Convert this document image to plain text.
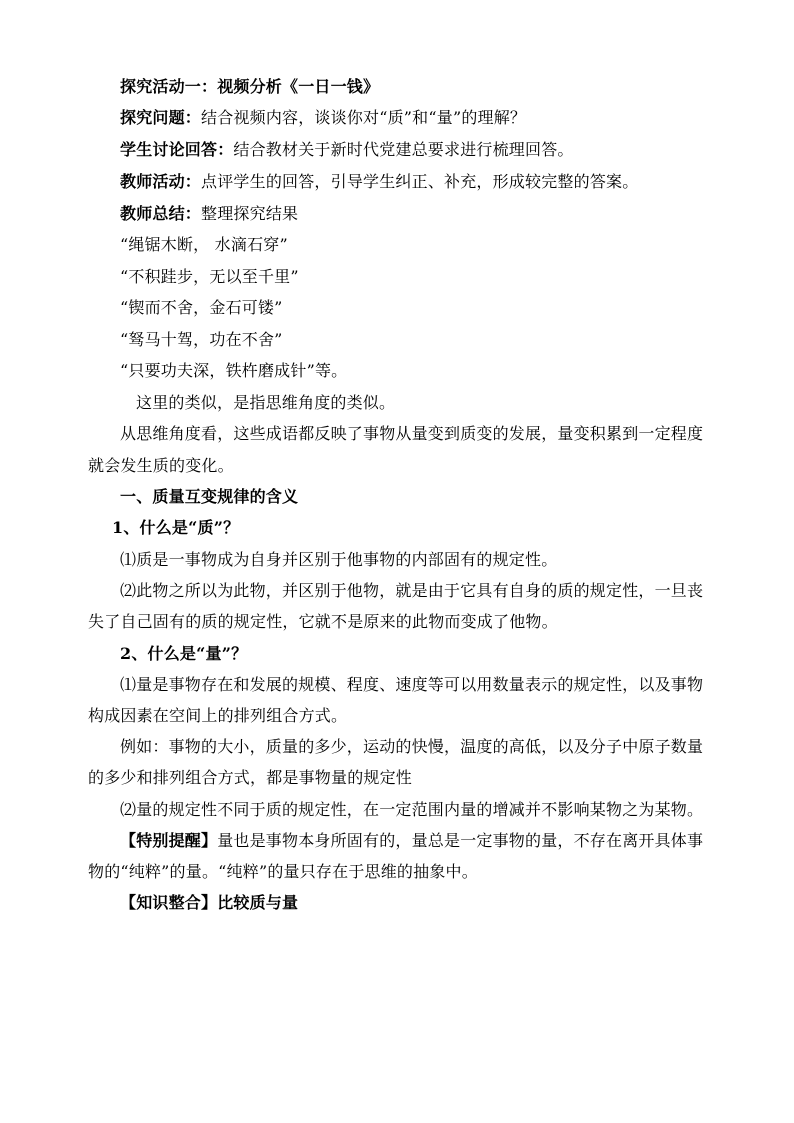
探究活动一：视频分析《一日一钱》
探究问题：结合视频内容，谈谈你对“质”和“量”的理解？
学生讨论回答：结合教材关于新时代党建总要求进行梳理回答。
教师活动：点评学生的回答，引导学生纠正、补充，形成较完整的答案。
教师总结：整理探究结果
“绳锯木断， 水滴石穿”
“不积跬步，无以至千里”
“锲而不舍，金石可镂”
“驽马十驾，功在不舍”
“只要功夫深，铁杵磨成针”等。
这里的类似，是指思维角度的类似。
从思维角度看，这些成语都反映了事物从量变到质变的发展，量变积累到一定程度
就会发生质的变化。
一、质量互变规律的含义
1、什么是“质”？
⑴质是一事物成为自身并区别于他事物的内部固有的规定性。
⑵此物之所以为此物，并区别于他物，就是由于它具有自身的质的规定性，一旦丧
失了自己固有的质的规定性，它就不是原来的此物而变成了他物。
2、什么是“量”？
⑴量是事物存在和发展的规模、程度、速度等可以用数量表示的规定性，以及事物
构成因素在空间上的排列组合方式。
例如：事物的大小，质量的多少，运动的快慢，温度的高低，以及分子中原子数量
的多少和排列组合方式，都是事物量的规定性
⑵量的规定性不同于质的规定性，在一定范围内量的增减并不影响某物之为某物。
【特别提醒】量也是事物本身所固有的，量总是一定事物的量，不存在离开具体事
物的“纯粹”的量。“纯粹”的量只存在于思维的抽象中。
【知识整合】比较质与量
